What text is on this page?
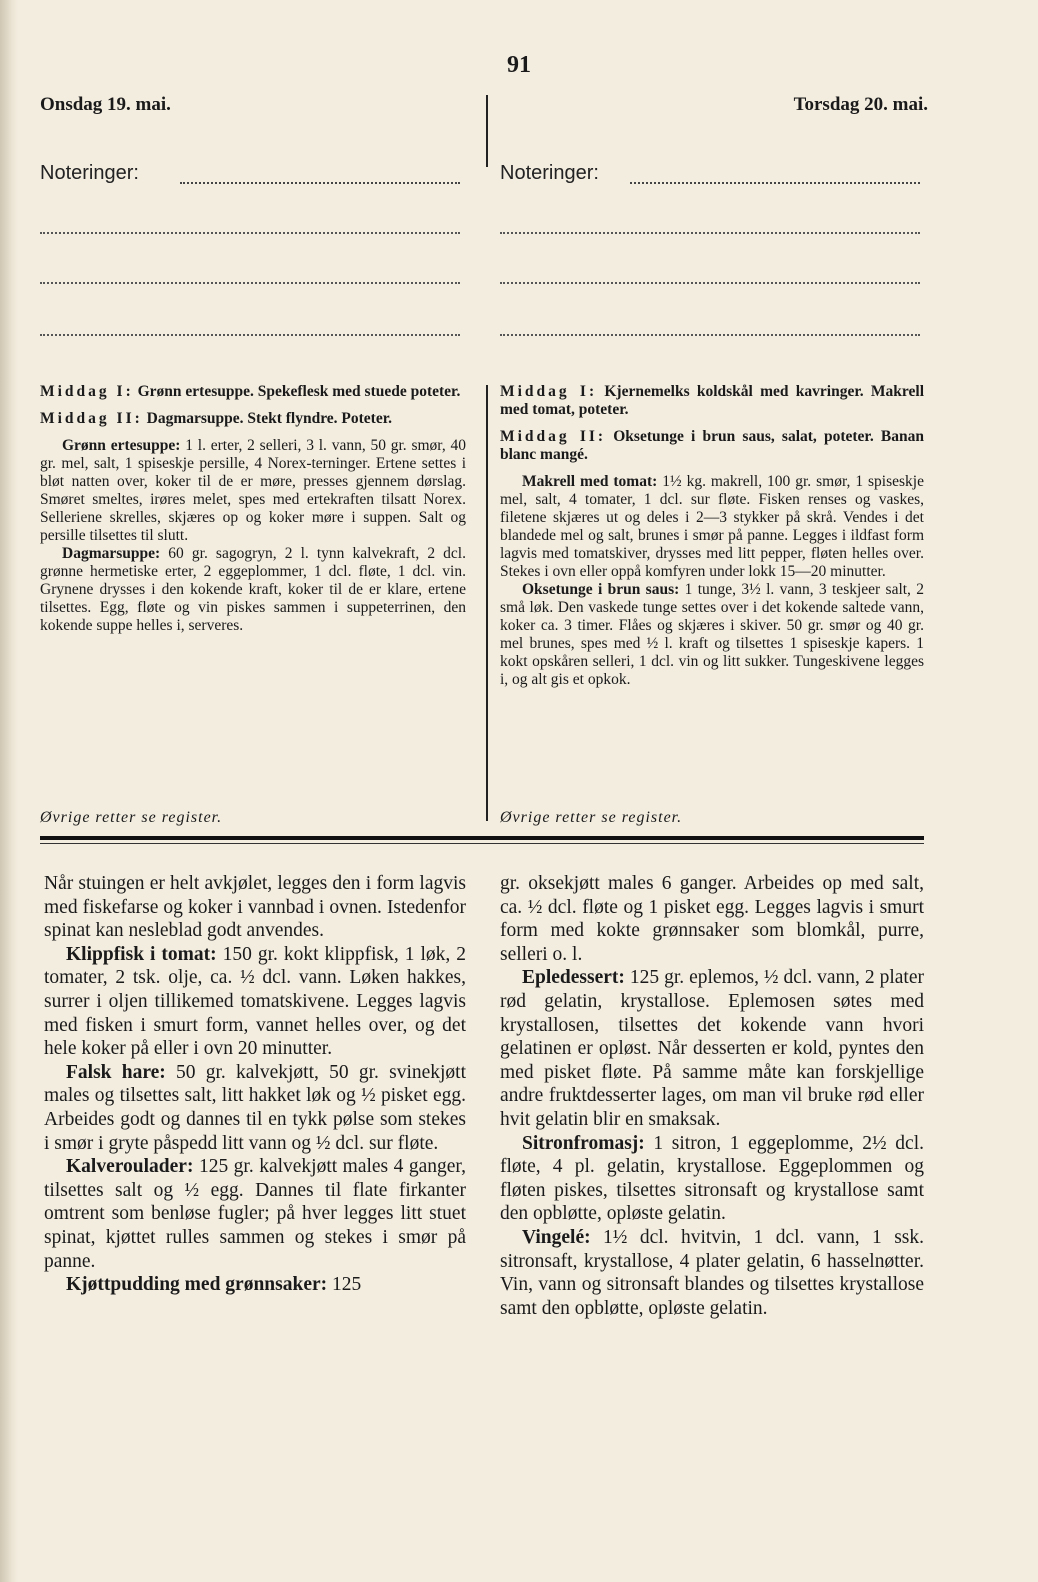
91
Onsdag 19. mai.	Torsdag 20. mai.
Noteringer:	Noteringer:

Middag I: Grønn ertesuppe. Spekeflesk med stuede poteter.

Middag II: Dagmarsuppe. Stekt flyndre. Poteter.

Grønn ertesuppe: 1 l. erter, 2 selleri, 3 l. vann, 50 gr. smør, 40 gr. mel, salt, 1 spiseskje persille, 4 Norex-terninger. Ertene settes i bløt natten over, koker til de er møre, presses gjennem dørslag. Smøret smeltes, irøres melet, spes med ertekraften tilsatt Norex. Selleriene skrelles, skjæres op og koker møre i suppen. Salt og persille tilsettes til slutt.

Dagmarsuppe: 60 gr. sagogryn, 2 l. tynn kalvekraft, 2 dcl. grønne hermetiske erter, 2 eggeplommer, 1 dcl. fløte, 1 dcl. vin. Grynene drysses i den kokende kraft, koker til de er klare, ertene tilsettes. Egg, fløte og vin piskes sammen i suppeterrinen, den kokende suppe helles i, serveres.

Øvrige retter se register.

Middag I: Kjernemelks koldskål med kavringer. Makrell med tomat, poteter.

Middag II: Oksetunge i brun saus, salat, poteter. Banan blanc mangé.

Makrell med tomat: 1½ kg. makrell, 100 gr. smør, 1 spiseskje mel, salt, 4 tomater, 1 dcl. sur fløte. Fisken renses og vaskes, filetene skjæres ut og deles i 2—3 stykker på skrå. Vendes i det blandede mel og salt, brunes i smør på panne. Legges i ildfast form lagvis med tomatskiver, drysses med litt pepper, fløten helles over. Stekes i ovn eller oppå komfyren under lokk 15—20 minutter.

Oksetunge i brun saus: 1 tunge, 3½ l. vann, 3 teskjeer salt, 2 små løk. Den vaskede tunge settes over i det kokende saltede vann, koker ca. 3 timer. Flåes og skjæres i skiver. 50 gr. smør og 40 gr. mel brunes, spes med ½ l. kraft og tilsettes 1 spiseskje kapers. 1 kokt opskåren selleri, 1 dcl. vin og litt sukker. Tungeskivene legges i, og alt gis et opkok.

Øvrige retter se register.

Når stuingen er helt avkjølet, legges den i form lagvis med fiskefarse og koker i vannbad i ovnen. Istedenfor spinat kan nesleblad godt anvendes.

Klippfisk i tomat: 150 gr. kokt klippfisk, 1 løk, 2 tomater, 2 tsk. olje, ca. ½ dcl. vann. Løken hakkes, surrer i oljen tillikemed tomatskivene. Legges lagvis med fisken i smurt form, vannet helles over, og det hele koker på eller i ovn 20 minutter.

Falsk hare: 50 gr. kalvekjøtt, 50 gr. svinekjøtt males og tilsettes salt, litt hakket løk og ½ pisket egg. Arbeides godt og dannes til en tykk pølse som stekes i smør i gryte påspedd litt vann og ½ dcl. sur fløte.

Kalveroulader: 125 gr. kalvekjøtt males 4 ganger, tilsettes salt og ½ egg. Dannes til flate firkanter omtrent som benløse fugler; på hver legges litt stuet spinat, kjøttet rulles sammen og stekes i smør på panne.

Kjøttpudding med grønnsaker: 125

gr. oksekjøtt males 6 ganger. Arbeides op med salt, ca. ½ dcl. fløte og 1 pisket egg. Legges lagvis i smurt form med kokte grønnsaker som blomkål, purre, selleri o. l.

Epledessert: 125 gr. eplemos, ½ dcl. vann, 2 plater rød gelatin, krystallose. Eplemosen søtes med krystallosen, tilsettes det kokende vann hvori gelatinen er opløst. Når desserten er kold, pyntes den med pisket fløte. På samme måte kan forskjellige andre fruktdesserter lages, om man vil bruke rød eller hvit gelatin blir en smaksak.

Sitronfromasj: 1 sitron, 1 eggeplomme, 2½ dcl. fløte, 4 pl. gelatin, krystallose. Eggeplommen og fløten piskes, tilsettes sitronsaft og krystallose samt den opbløtte, opløste gelatin.

Vingelé: 1½ dcl. hvitvin, 1 dcl. vann, 1 ssk. sitronsaft, krystallose, 4 plater gelatin, 6 hasselnøtter. Vin, vann og sitronsaft blandes og tilsettes krystallose samt den opbløtte, opløste gelatin.
